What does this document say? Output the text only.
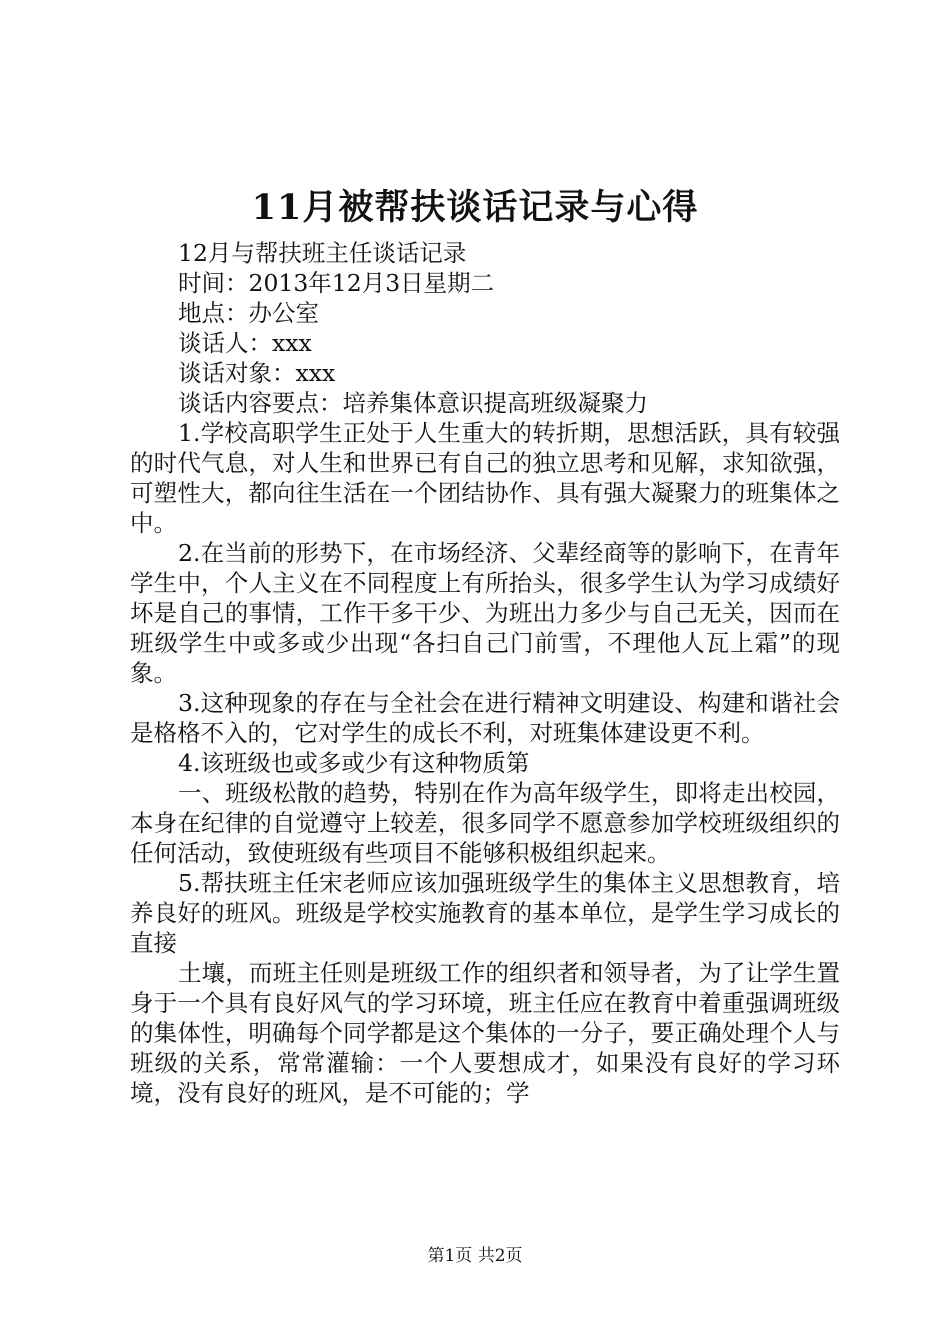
11月被帮扶谈话记录与心得

12月与帮扶班主任谈话记录

时间：2013年12月3日星期二

地点：办公室

谈话人：xxx

谈话对象：xxx

谈话内容要点：培养集体意识提高班级凝聚力

1.学校高职学生正处于人生重大的转折期，思想活跃，具有较强的时代气息，对人生和世界已有自己的独立思考和见解，求知欲强，可塑性大，都向往生活在一个团结协作、具有强大凝聚力的班集体之中。

2.在当前的形势下，在市场经济、父辈经商等的影响下，在青年学生中，个人主义在不同程度上有所抬头，很多学生认为学习成绩好坏是自己的事情，工作干多干少、为班出力多少与自己无关，因而在班级学生中或多或少出现“各扫自己门前雪，不理他人瓦上霜”的现象。

3.这种现象的存在与全社会在进行精神文明建设、构建和谐社会是格格不入的，它对学生的成长不利，对班集体建设更不利。

4.该班级也或多或少有这种物质第

一、班级松散的趋势，特别在作为高年级学生，即将走出校园，本身在纪律的自觉遵守上较差，很多同学不愿意参加学校班级组织的任何活动，致使班级有些项目不能够积极组织起来。

5.帮扶班主任宋老师应该加强班级学生的集体主义思想教育，培养良好的班风。班级是学校实施教育的基本单位，是学生学习成长的直接

土壤，而班主任则是班级工作的组织者和领导者，为了让学生置身于一个具有良好风气的学习环境，班主任应在教育中着重强调班级的集体性，明确每个同学都是这个集体的一分子，要正确处理个人与班级的关系，常常灌输：一个人要想成才，如果没有良好的学习环境，没有良好的班风，是不可能的；学

第1页 共2页
